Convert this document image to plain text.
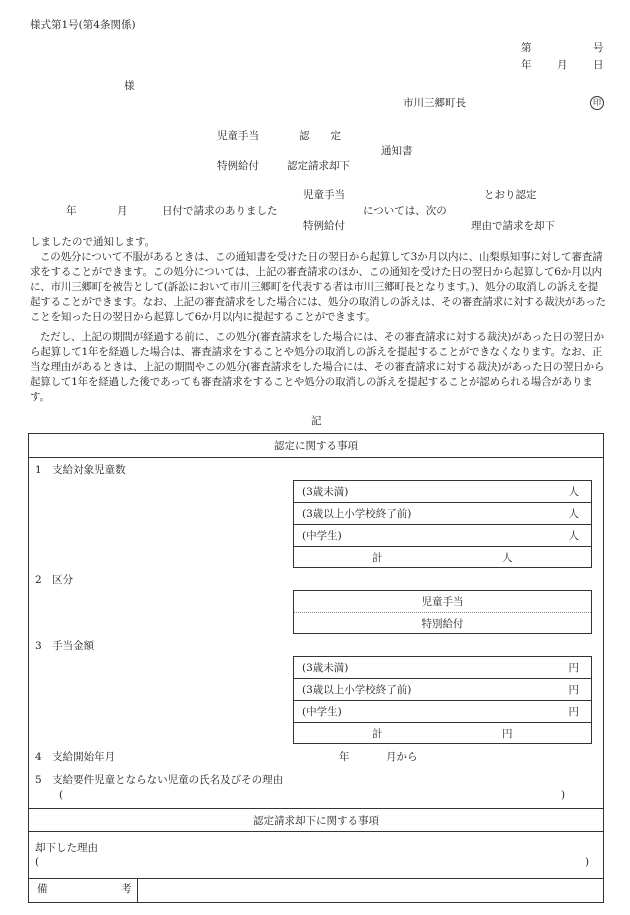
様式第1号(第4条関係)
第	号
年 月 日
様
市川三郷町長	印
児童手当	認　　定
通知書
特例給付	認定請求却下
児童手当	とおり認定
年	月	日付で請求のありました	については、次の
特例給付	理由で請求を却下
しましたので通知します。
この処分について不服があるときは、この通知書を受けた日の翌日から起算して3か月以内に、山梨県知事に対して審査請求をすることができます。この処分については、上記の審査請求のほか、この通知を受けた日の翌日から起算して6か月以内に、市川三郷町を被告として(訴訟において市川三郷町を代表する者は市川三郷町長となります。)、処分の取消しの訴えを提起することができます。なお、上記の審査請求をした場合には、処分の取消しの訴えは、その審査請求に対する裁決があったことを知った日の翌日から起算して6か月以内に提起することができます。
ただし、上記の期間が経過する前に、この処分(審査請求をした場合には、その審査請求に対する裁決)があった日の翌日から起算して1年を経過した場合は、審査請求をすることや処分の取消しの訴えを提起することができなくなります。なお、正当な理由があるときは、上記の期間やこの処分(審査請求をした場合には、その審査請求に対する裁決)があった日の翌日から起算して1年を経過した後であっても審査請求をすることや処分の取消しの訴えを提起することが認められる場合があります。
記
認定に関する事項
1　支給対象児童数
(3歳未満)	人
(3歳以上小学校終了前)	人
(中学生)	人
計	人
2　区分
児童手当
特別給付
3　手当金額
(3歳未満)	円
(3歳以上小学校終了前)	円
(中学生)	円
計	円
4　支給開始年月	年	月から
5　支給要件児童とならない児童の氏名及びその理由
(	)
認定請求却下に関する事項
却下した理由
(	)
備	考
